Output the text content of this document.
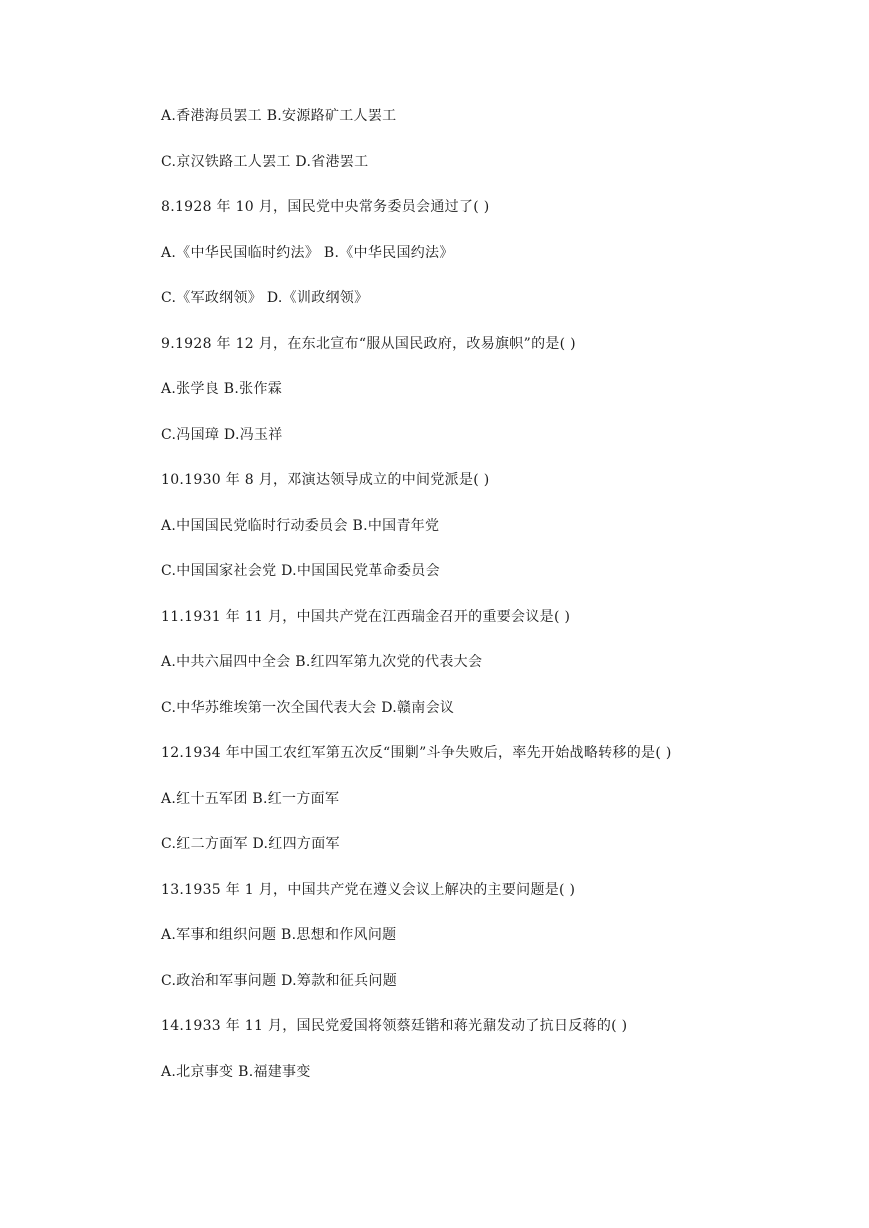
A.香港海员罢工 B.安源路矿工人罢工
C.京汉铁路工人罢工 D.省港罢工
8.1928 年 10 月，国民党中央常务委员会通过了( )
A.《中华民国临时约法》 B.《中华民国约法》
C.《军政纲领》 D.《训政纲领》
9.1928 年 12 月，在东北宣布“服从国民政府，改易旗帜”的是( )
A.张学良 B.张作霖
C.冯国璋 D.冯玉祥
10.1930 年 8 月，邓演达领导成立的中间党派是( )
A.中国国民党临时行动委员会 B.中国青年党
C.中国国家社会党 D.中国国民党革命委员会
11.1931 年 11 月，中国共产党在江西瑞金召开的重要会议是( )
A.中共六届四中全会 B.红四军第九次党的代表大会
C.中华苏维埃第一次全国代表大会 D.赣南会议
12.1934 年中国工农红军第五次反“围剿”斗争失败后，率先开始战略转移的是( )
A.红十五军团 B.红一方面军
C.红二方面军 D.红四方面军
13.1935 年 1 月，中国共产党在遵义会议上解决的主要问题是( )
A.军事和组织问题 B.思想和作风问题
C.政治和军事问题 D.筹款和征兵问题
14.1933 年 11 月，国民党爱国将领蔡廷锴和蒋光鼐发动了抗日反蒋的( )
A.北京事变 B.福建事变
